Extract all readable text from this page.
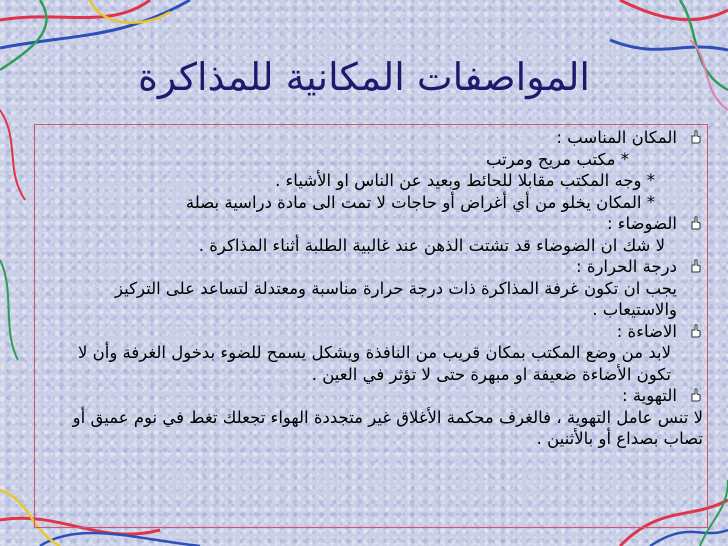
المواصفات المكانية للمذاكرة

المكان المناسب :

* مكتب مريح ومرتب

* وجه المكتب مقابلا للحائط وبعيد عن الناس او الأشياء .

* المكان يخلو من أي أغراض أو حاجات لا تمت الى مادة دراسية بصلة

الضوضاء :

لا شك ان الضوضاء قد تشتت الذهن عند غالبية الطلبة أثناء المذاكرة .

درجة الحرارة :

يجب ان تكون غرفة المذاكرة ذات درجة حرارة مناسبة ومعتدلة لتساعد على التركيز والاستيعاب .

الاضاءة :

لابد من وضع المكتب بمكان قريب من النافذة ويشكل يسمح للضوء بدخول الغرفة وأن لا تكون الأضاءة ضعيفة او مبهرة حتى لا تؤثر في العين .

التهوية :

لا تنس عامل التهوية ، فالغرف محكمة الأغلاق غير متجددة الهواء تجعلك تغط في نوم عميق أو تصاب بصداع أو بالأثنين .
